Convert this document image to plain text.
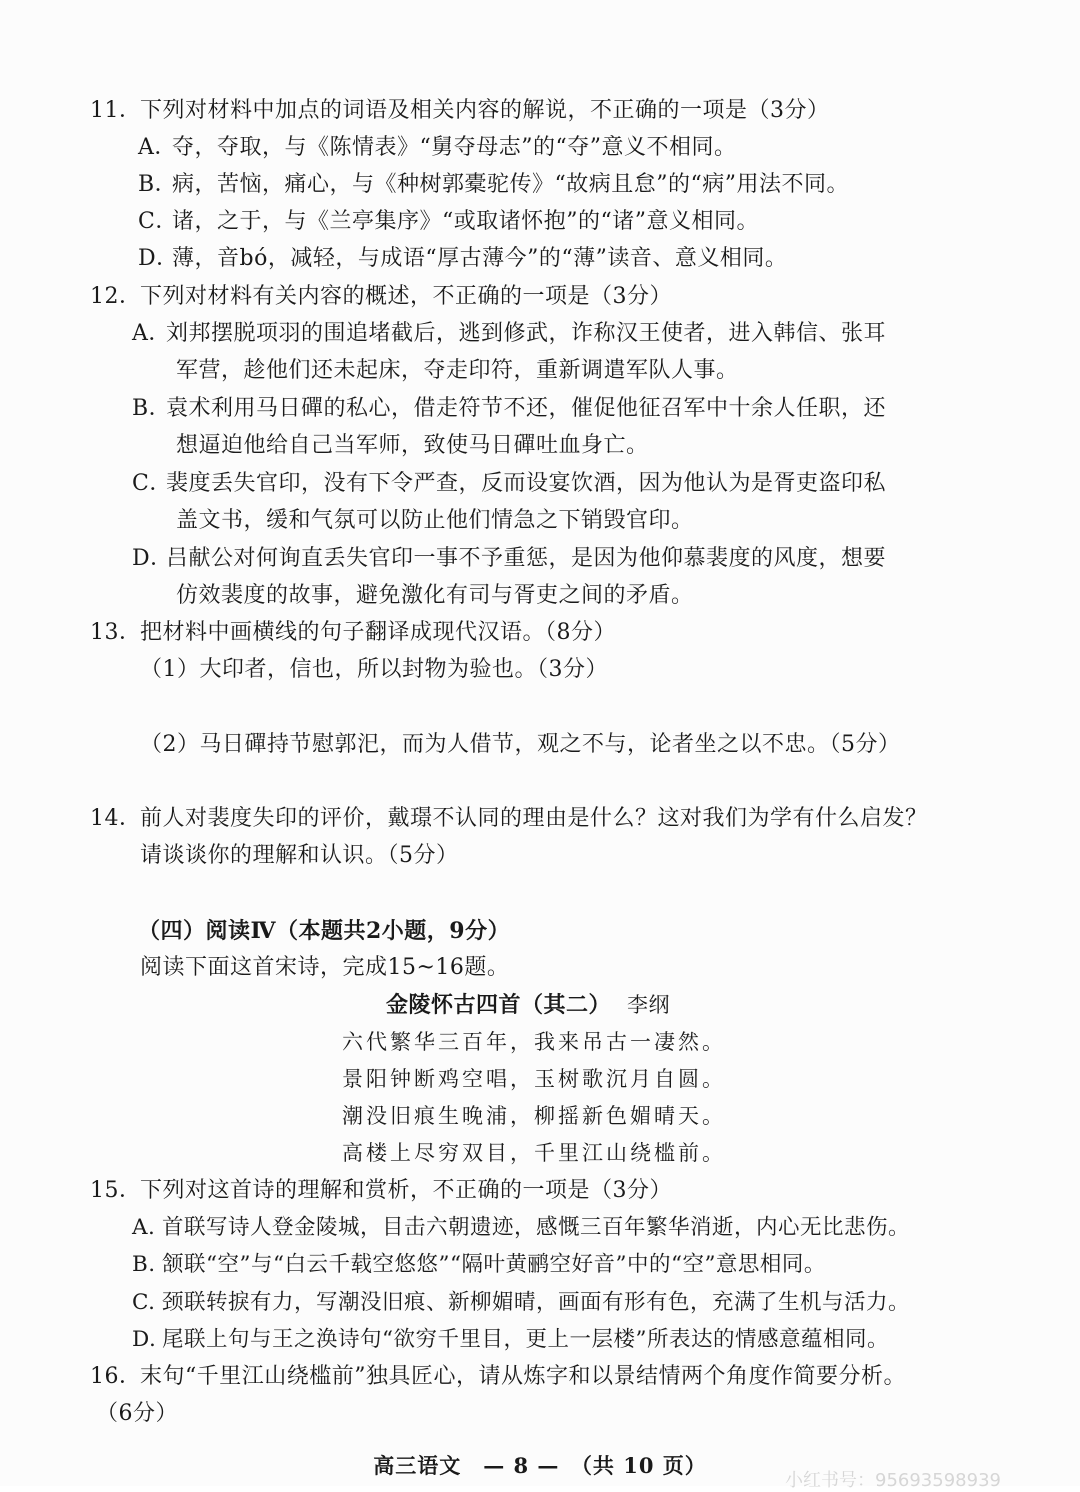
11．下列对材料中加点的词语及相关内容的解说，不正确的一项是（3分）
A．夺，夺取，与《陈情表》“舅夺母志”的“夺”意义不相同。
B．病，苦恼，痛心，与《种树郭橐驼传》“故病且怠”的“病”用法不同。
C．诸，之于，与《兰亭集序》“或取诸怀抱”的“诸”意义相同。
D．薄，音bó，减轻，与成语“厚古薄今”的“薄”读音、意义相同。
12．下列对材料有关内容的概述，不正确的一项是（3分）
A．刘邦摆脱项羽的围追堵截后，逃到修武，诈称汉王使者，进入韩信、张耳
军营，趁他们还未起床，夺走印符，重新调遣军队人事。
B．袁术利用马日磾的私心，借走符节不还，催促他征召军中十余人任职，还
想逼迫他给自己当军师，致使马日磾吐血身亡。
C．裴度丢失官印，没有下令严查，反而设宴饮酒，因为他认为是胥吏盗印私
盖文书，缓和气氛可以防止他们情急之下销毁官印。
D．吕献公对何询直丢失官印一事不予重惩，是因为他仰慕裴度的风度，想要
仿效裴度的故事，避免激化有司与胥吏之间的矛盾。
13．把材料中画横线的句子翻译成现代汉语。（8分）
（1）大印者，信也，所以封物为验也。（3分）
（2）马日磾持节慰郭汜，而为人借节，观之不与，论者坐之以不忠。（5分）
14．前人对裴度失印的评价，戴璟不认同的理由是什么？这对我们为学有什么启发？
请谈谈你的理解和认识。（5分）
（四）阅读Ⅳ（本题共2小题，9分）
阅读下面这首宋诗，完成15~16题。
金陵怀古四首（其二） 李纲
六代繁华三百年，我来吊古一凄然。
景阳钟断鸡空唱，玉树歌沉月自圆。
潮没旧痕生晚浦，柳摇新色媚晴天。
高楼上尽穷双目，千里江山绕槛前。
15．下列对这首诗的理解和赏析，不正确的一项是（3分）
A. 首联写诗人登金陵城，目击六朝遗迹，感慨三百年繁华消逝，内心无比悲伤。
B. 颔联“空”与“白云千载空悠悠”“隔叶黄鹂空好音”中的“空”意思相同。
C. 颈联转捩有力，写潮没旧痕、新柳媚晴，画面有形有色，充满了生机与活力。
D. 尾联上句与王之涣诗句“欲穷千里目，更上一层楼”所表达的情感意蕴相同。
16．末句“千里江山绕槛前”独具匠心，请从炼字和以景结情两个角度作简要分析。
（6分）
高三语文　— 8 —　（共 10 页）
小红书号：95693598939
